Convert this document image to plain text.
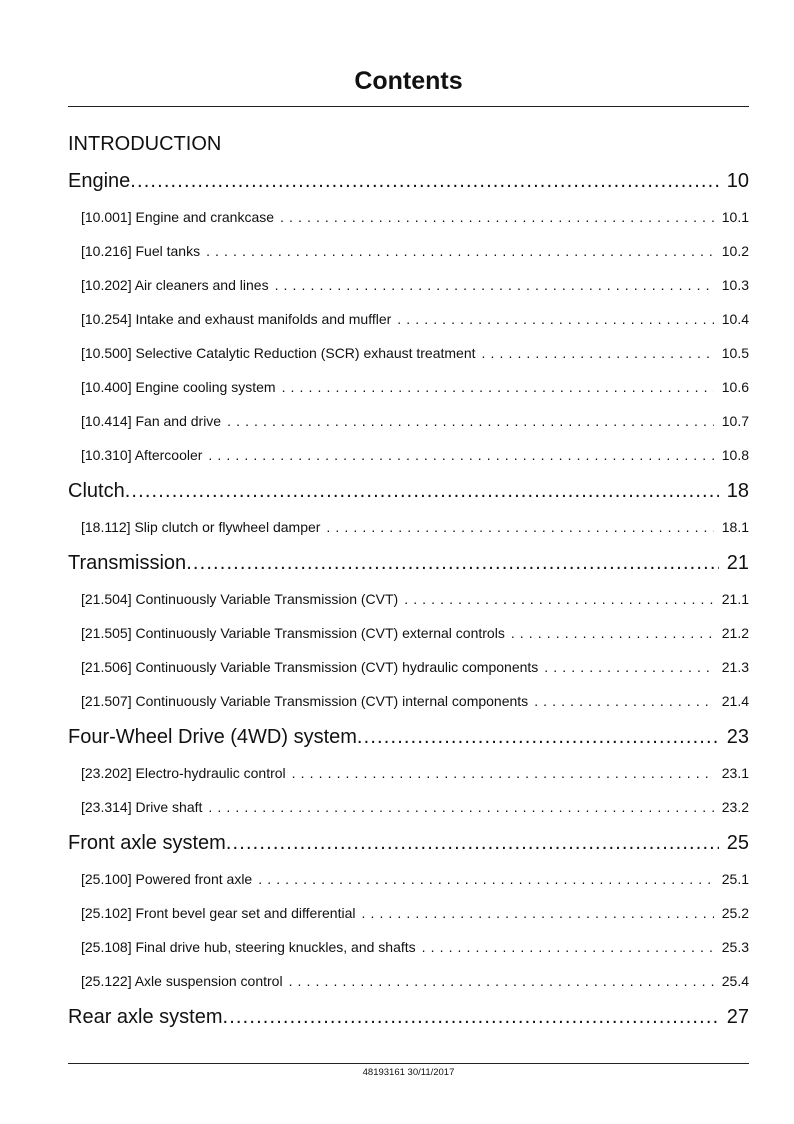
Contents
INTRODUCTION
Engine . . .	10
[10.001] Engine and crankcase . . .	10.1
[10.216] Fuel tanks . . .	10.2
[10.202] Air cleaners and lines . . .	10.3
[10.254] Intake and exhaust manifolds and muffler . . .	10.4
[10.500] Selective Catalytic Reduction (SCR) exhaust treatment . . .	10.5
[10.400] Engine cooling system . . .	10.6
[10.414] Fan and drive . . .	10.7
[10.310] Aftercooler . . .	10.8
Clutch . . .	18
[18.112] Slip clutch or flywheel damper . . .	18.1
Transmission . . .	21
[21.504] Continuously Variable Transmission (CVT) . . .	21.1
[21.505] Continuously Variable Transmission (CVT) external controls . . .	21.2
[21.506] Continuously Variable Transmission (CVT) hydraulic components . . .	21.3
[21.507] Continuously Variable Transmission (CVT) internal components . . .	21.4
Four-Wheel Drive (4WD) system . . .	23
[23.202] Electro-hydraulic control . . .	23.1
[23.314] Drive shaft . . .	23.2
Front axle system . . .	25
[25.100] Powered front axle . . .	25.1
[25.102] Front bevel gear set and differential . . .	25.2
[25.108] Final drive hub, steering knuckles, and shafts . . .	25.3
[25.122] Axle suspension control . . .	25.4
Rear axle system . . .	27
48193161 30/11/2017
